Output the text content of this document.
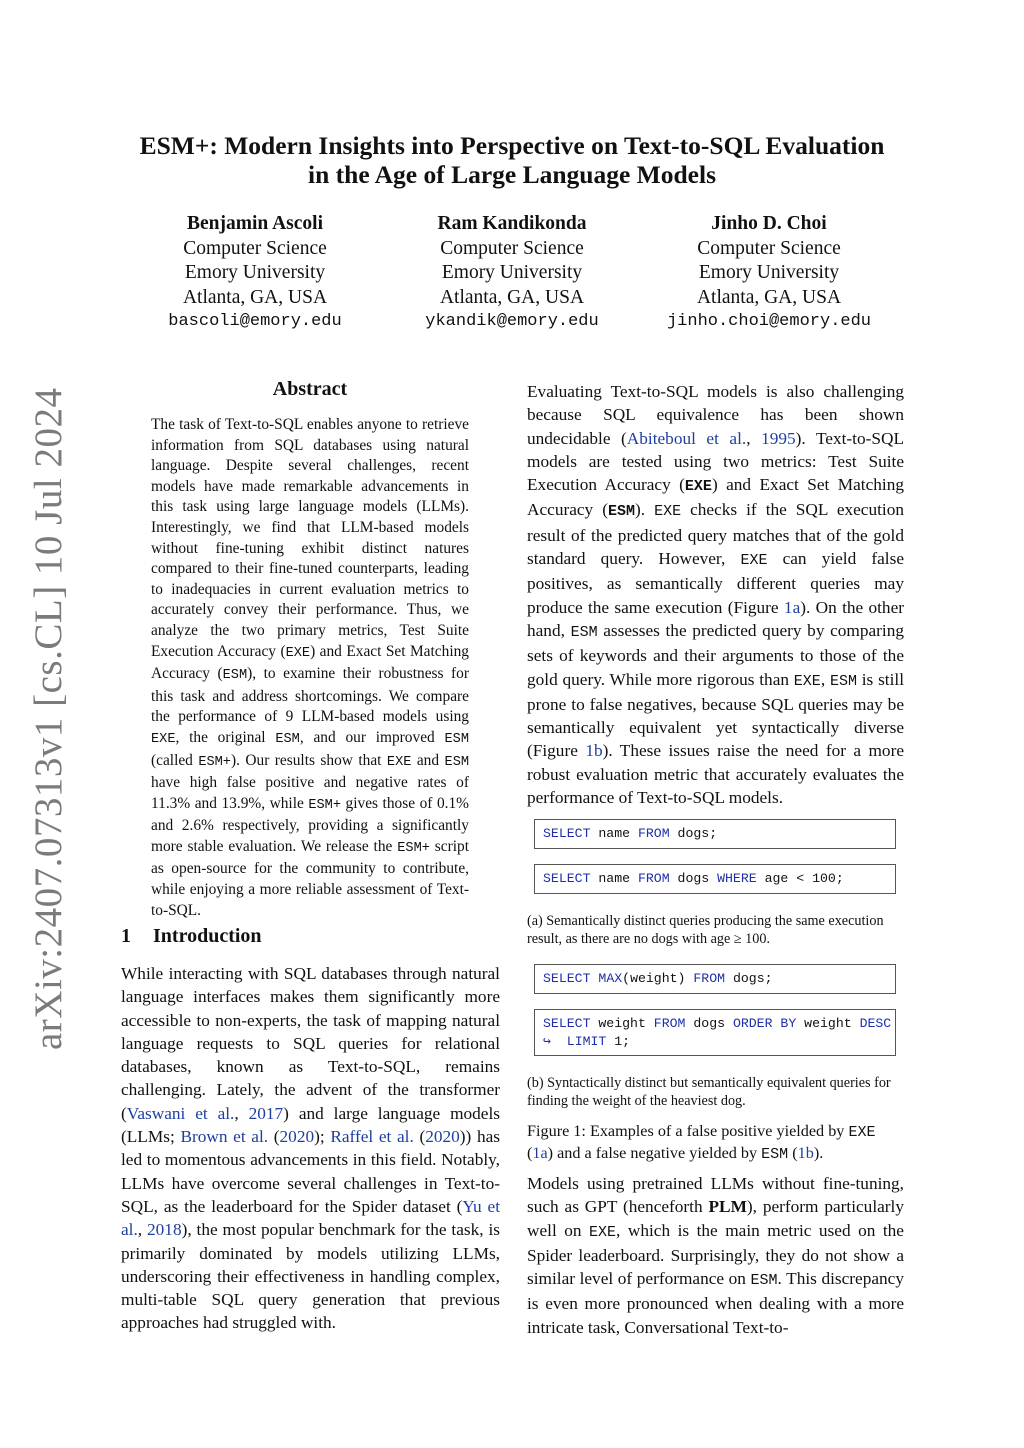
arXiv:2407.07313v1 [cs.CL] 10 Jul 2024
ESM+: Modern Insights into Perspective on Text-to-SQL Evaluation
in the Age of Large Language Models
Benjamin Ascoli
Computer Science
Emory University
Atlanta, GA, USA
bascoli@emory.edu
Ram Kandikonda
Computer Science
Emory University
Atlanta, GA, USA
ykandik@emory.edu
Jinho D. Choi
Computer Science
Emory University
Atlanta, GA, USA
jinho.choi@emory.edu
Abstract
The task of Text-to-SQL enables anyone to retrieve information from SQL databases using natural language. Despite several challenges, recent models have made remarkable advancements in this task using large language models (LLMs). Interestingly, we find that LLM-based models without fine-tuning exhibit distinct natures compared to their fine-tuned counterparts, leading to inadequacies in current evaluation metrics to accurately convey their performance. Thus, we analyze the two primary metrics, Test Suite Execution Accuracy (EXE) and Exact Set Matching Accuracy (ESM), to examine their robustness for this task and address shortcomings. We compare the performance of 9 LLM-based models using EXE, the original ESM, and our improved ESM (called ESM+). Our results show that EXE and ESM have high false positive and negative rates of 11.3% and 13.9%, while ESM+ gives those of 0.1% and 2.6% respectively, providing a significantly more stable evaluation. We release the ESM+ script as open-source for the community to contribute, while enjoying a more reliable assessment of Text-to-SQL.
1 Introduction
While interacting with SQL databases through natural language interfaces makes them significantly more accessible to non-experts, the task of mapping natural language requests to SQL queries for relational databases, known as Text-to-SQL, remains challenging. Lately, the advent of the transformer (Vaswani et al., 2017) and large language models (LLMs; Brown et al. (2020); Raffel et al. (2020)) has led to momentous advancements in this field. Notably, LLMs have overcome several challenges in Text-to-SQL, as the leaderboard for the Spider dataset (Yu et al., 2018), the most popular benchmark for the task, is primarily dominated by models utilizing LLMs, underscoring their effectiveness in handling complex, multi-table SQL query generation that previous approaches had struggled with.
Evaluating Text-to-SQL models is also challenging because SQL equivalence has been shown undecidable (Abiteboul et al., 1995). Text-to-SQL models are tested using two metrics: Test Suite Execution Accuracy (EXE) and Exact Set Matching Accuracy (ESM). EXE checks if the SQL execution result of the predicted query matches that of the gold standard query. However, EXE can yield false positives, as semantically different queries may produce the same execution (Figure 1a). On the other hand, ESM assesses the predicted query by comparing sets of keywords and their arguments to those of the gold query. While more rigorous than EXE, ESM is still prone to false negatives, because SQL queries may be semantically equivalent yet syntactically diverse (Figure 1b). These issues raise the need for a more robust evaluation metric that accurately evaluates the performance of Text-to-SQL models.
SELECT name FROM dogs;
SELECT name FROM dogs WHERE age < 100;
(a) Semantically distinct queries producing the same execution result, as there are no dogs with age ≥ 100.
SELECT MAX(weight) FROM dogs;
SELECT weight FROM dogs ORDER BY weight DESC
↪ LIMIT 1;
(b) Syntactically distinct but semantically equivalent queries for finding the weight of the heaviest dog.
Figure 1: Examples of a false positive yielded by EXE (1a) and a false negative yielded by ESM (1b).
Models using pretrained LLMs without fine-tuning, such as GPT (henceforth PLM), perform particularly well on EXE, which is the main metric used on the Spider leaderboard. Surprisingly, they do not show a similar level of performance on ESM. This discrepancy is even more pronounced when dealing with a more intricate task, Conversational Text-to-
